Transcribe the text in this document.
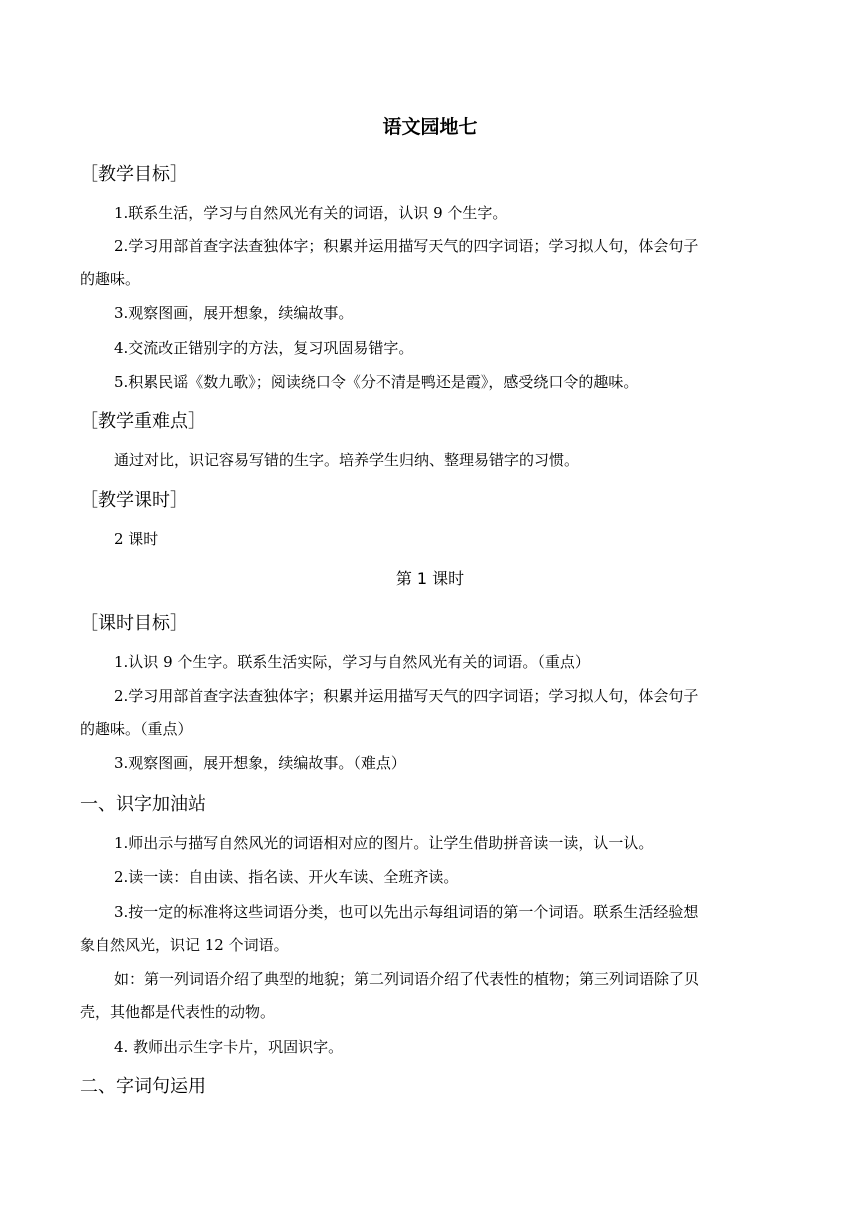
语文园地七
［教学目标］
1.联系生活，学习与自然风光有关的词语，认识 9 个生字。
2.学习用部首查字法查独体字；积累并运用描写天气的四字词语；学习拟人句，体会句子
的趣味。
3.观察图画，展开想象，续编故事。
4.交流改正错别字的方法，复习巩固易错字。
5.积累民谣《数九歌》；阅读绕口令《分不清是鸭还是霞》，感受绕口令的趣味。
［教学重难点］
通过对比，识记容易写错的生字。培养学生归纳、整理易错字的习惯。
［教学课时］
2 课时
第 1 课时
［课时目标］
1.认识 9 个生字。联系生活实际，学习与自然风光有关的词语。（重点）
2.学习用部首查字法查独体字；积累并运用描写天气的四字词语；学习拟人句，体会句子
的趣味。（重点）
3.观察图画，展开想象，续编故事。（难点）
一、识字加油站
1.师出示与描写自然风光的词语相对应的图片。让学生借助拼音读一读，认一认。
2.读一读：自由读、指名读、开火车读、全班齐读。
3.按一定的标准将这些词语分类，也可以先出示每组词语的第一个词语。联系生活经验想
象自然风光，识记 12 个词语。
如：第一列词语介绍了典型的地貌；第二列词语介绍了代表性的植物；第三列词语除了贝
壳，其他都是代表性的动物。
4. 教师出示生字卡片，巩固识字。
二、字词句运用
